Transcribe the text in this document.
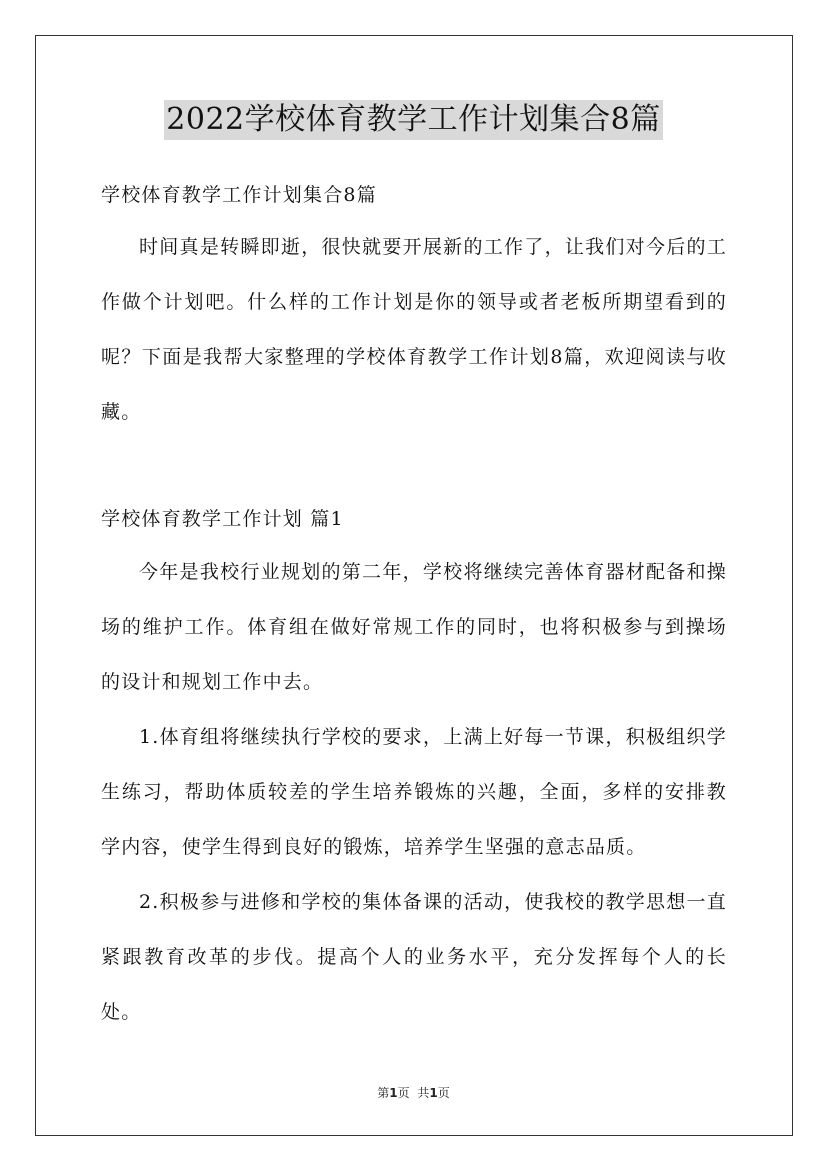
2022学校体育教学工作计划集合8篇
学校体育教学工作计划集合8篇

时间真是转瞬即逝，很快就要开展新的工作了，让我们对今后的工作做个计划吧。什么样的工作计划是你的领导或者老板所期望看到的呢？下面是我帮大家整理的学校体育教学工作计划8篇，欢迎阅读与收藏。

学校体育教学工作计划 篇1

今年是我校行业规划的第二年，学校将继续完善体育器材配备和操场的维护工作。体育组在做好常规工作的同时，也将积极参与到操场的设计和规划工作中去。

1.体育组将继续执行学校的要求，上满上好每一节课，积极组织学生练习，帮助体质较差的学生培养锻炼的兴趣，全面，多样的安排教学内容，使学生得到良好的锻炼，培养学生坚强的意志品质。

2.积极参与进修和学校的集体备课的活动，使我校的教学思想一直紧跟教育改革的步伐。提高个人的业务水平，充分发挥每个人的长处。

第1页 共1页
